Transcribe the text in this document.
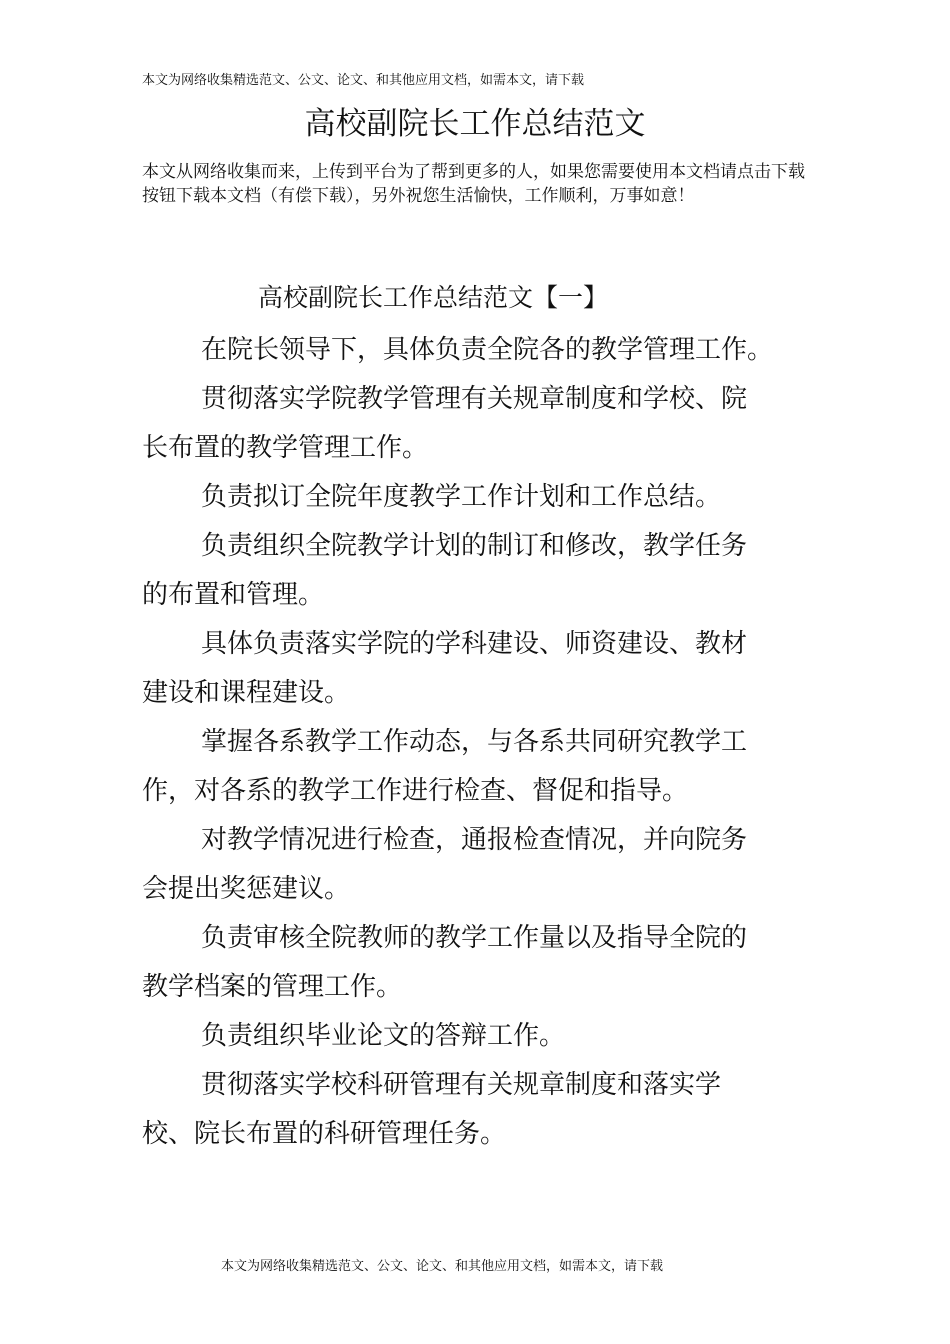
本文为网络收集精选范文、公文、论文、和其他应用文档，如需本文，请下载
高校副院长工作总结范文
本文从网络收集而来，上传到平台为了帮到更多的人，如果您需要使用本文档请点击下载按钮下载本文档（有偿下载），另外祝您生活愉快，工作顺利，万事如意！
高校副院长工作总结范文【一】

在院长领导下，具体负责全院各的教学管理工作。

贯彻落实学院教学管理有关规章制度和学校、院
长布置的教学管理工作。

负责拟订全院年度教学工作计划和工作总结。

负责组织全院教学计划的制订和修改，教学任务
的布置和管理。

具体负责落实学院的学科建设、师资建设、教材
建设和课程建设。

掌握各系教学工作动态，与各系共同研究教学工
作，对各系的教学工作进行检查、督促和指导。

对教学情况进行检查，通报检查情况，并向院务
会提出奖惩建议。

负责审核全院教师的教学工作量以及指导全院的
教学档案的管理工作。

负责组织毕业论文的答辩工作。

贯彻落实学校科研管理有关规章制度和落实学
校、院长布置的科研管理任务。

本文为网络收集精选范文、公文、论文、和其他应用文档，如需本文，请下载
